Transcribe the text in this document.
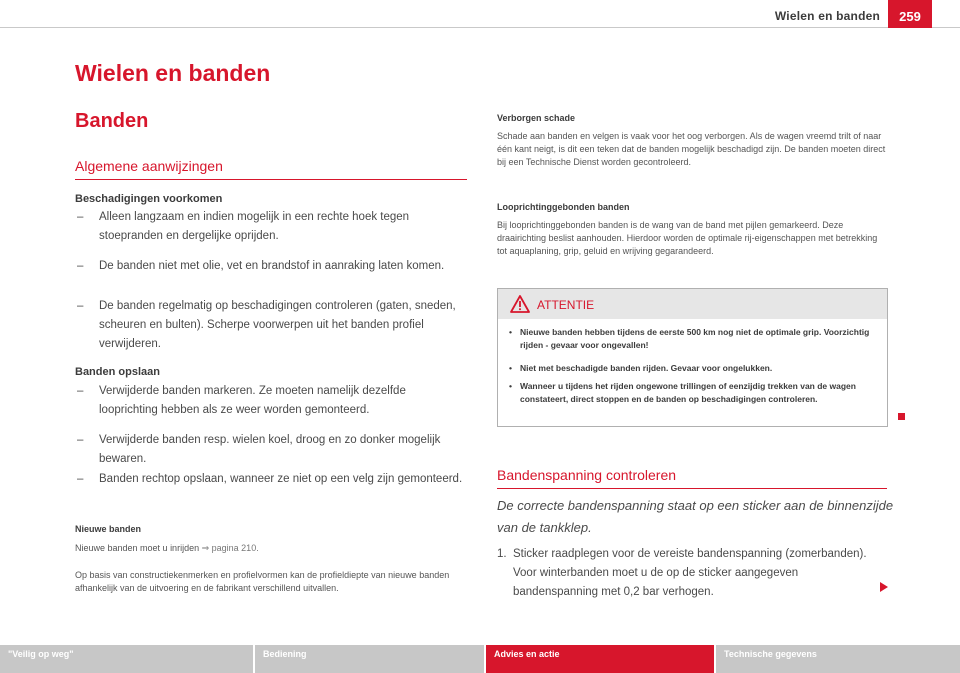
Wielen en banden	259
Wielen en banden
Banden
Algemene aanwijzingen
Beschadigingen voorkomen
–	Alleen langzaam en indien mogelijk in een rechte hoek tegen stoepranden en dergelijke oprijden.
–	De banden niet met olie, vet en brandstof in aanraking laten komen.
–	De banden regelmatig op beschadigingen controleren (gaten, sneden, scheuren en bulten). Scherpe voorwerpen uit het banden profiel verwijderen.
Banden opslaan
–	Verwijderde banden markeren. Ze moeten namelijk dezelfde looprichting hebben als ze weer worden gemonteerd.
–	Verwijderde banden resp. wielen koel, droog en zo donker mogelijk bewaren.
–	Banden rechtop opslaan, wanneer ze niet op een velg zijn gemonteerd.
Nieuwe banden
Nieuwe banden moet u inrijden ⇒ pagina 210.
Op basis van constructiekenmerken en profielvormen kan de profieldiepte van nieuwe banden afhankelijk van de uitvoering en de fabrikant verschillend uitvallen.
Verborgen schade
Schade aan banden en velgen is vaak voor het oog verborgen. Als de wagen vreemd trilt of naar één kant neigt, is dit een teken dat de banden mogelijk beschadigd zijn. De banden moeten direct bij een Technische Dienst worden gecontroleerd.
Looprichtinggebonden banden
Bij looprichtinggebonden banden is de wang van de band met pijlen gemarkeerd. Deze draairichting beslist aanhouden. Hierdoor worden de optimale rij-eigenschappen met betrekking tot aquaplaning, grip, geluid en wrijving gegarandeerd.
ATTENTIE
• Nieuwe banden hebben tijdens de eerste 500 km nog niet de optimale grip. Voorzichtig rijden - gevaar voor ongevallen!
• Niet met beschadigde banden rijden. Gevaar voor ongelukken.
• Wanneer u tijdens het rijden ongewone trillingen of eenzijdig trekken van de wagen constateert, direct stoppen en de banden op beschadigingen controleren.
Bandenspanning controleren
De correcte bandenspanning staat op een sticker aan de binnenzijde van de tankklep.
1. Sticker raadplegen voor de vereiste bandenspanning (zomerbanden). Voor winterbanden moet u de op de sticker aangegeven bandenspanning met 0,2 bar verhogen.
"Veilig op weg"	Bediening	Advies en actie	Technische gegevens
